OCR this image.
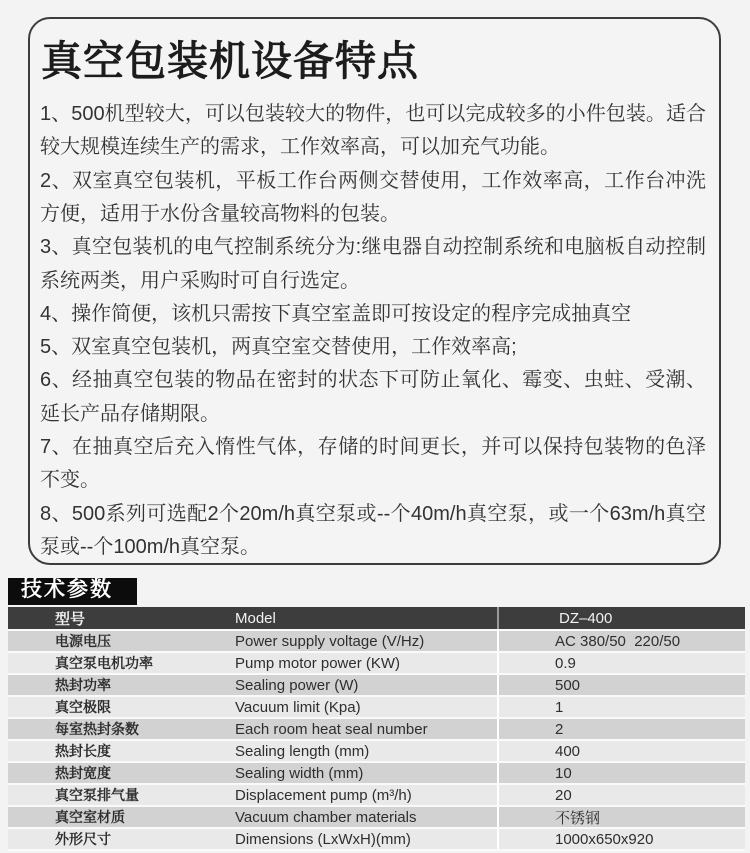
真空包装机设备特点

1、500机型较大，可以包装较大的物件，也可以完成较多的小件包装。适合较大规模连续生产的需求，工作效率高，可以加充气功能。

2、双室真空包装机，平板工作台两侧交替使用，工作效率高，工作台冲洗方便，适用于水份含量较高物料的包装。

3、真空包装机的电气控制系统分为:继电器自动控制系统和电脑板自动控制系统两类，用户采购时可自行选定。

4、操作简便，该机只需按下真空室盖即可按设定的程序完成抽真空

5、双室真空包装机，两真空室交替使用，工作效率高;

6、经抽真空包装的物品在密封的状态下可防止氧化、霉变、虫蛀、受潮、延长产品存储期限。

7、在抽真空后充入惰性气体，存储的时间更长，并可以保持包装物的色泽不变。

8、500系列可选配2个20m/h真空泵或--个40m/h真空泵，或一个63m/h真空泵或--个100m/h真空泵。

技术参数
型号	Model	DZ–400
电源电压	Power supply voltage (V/Hz)	AC 380/50  220/50
真空泵电机功率	Pump motor power (KW)	0.9
热封功率	Sealing power (W)	500
真空极限	Vacuum limit (Kpa)	1
每室热封条数	Each room heat seal number	2
热封长度	Sealing length (mm)	400
热封宽度	Sealing width (mm)	10
真空泵排气量	Displacement pump (m³/h)	20
真空室材质	Vacuum chamber materials	不锈钢
外形尺寸	Dimensions (LxWxH)(mm)	1000x650x920
